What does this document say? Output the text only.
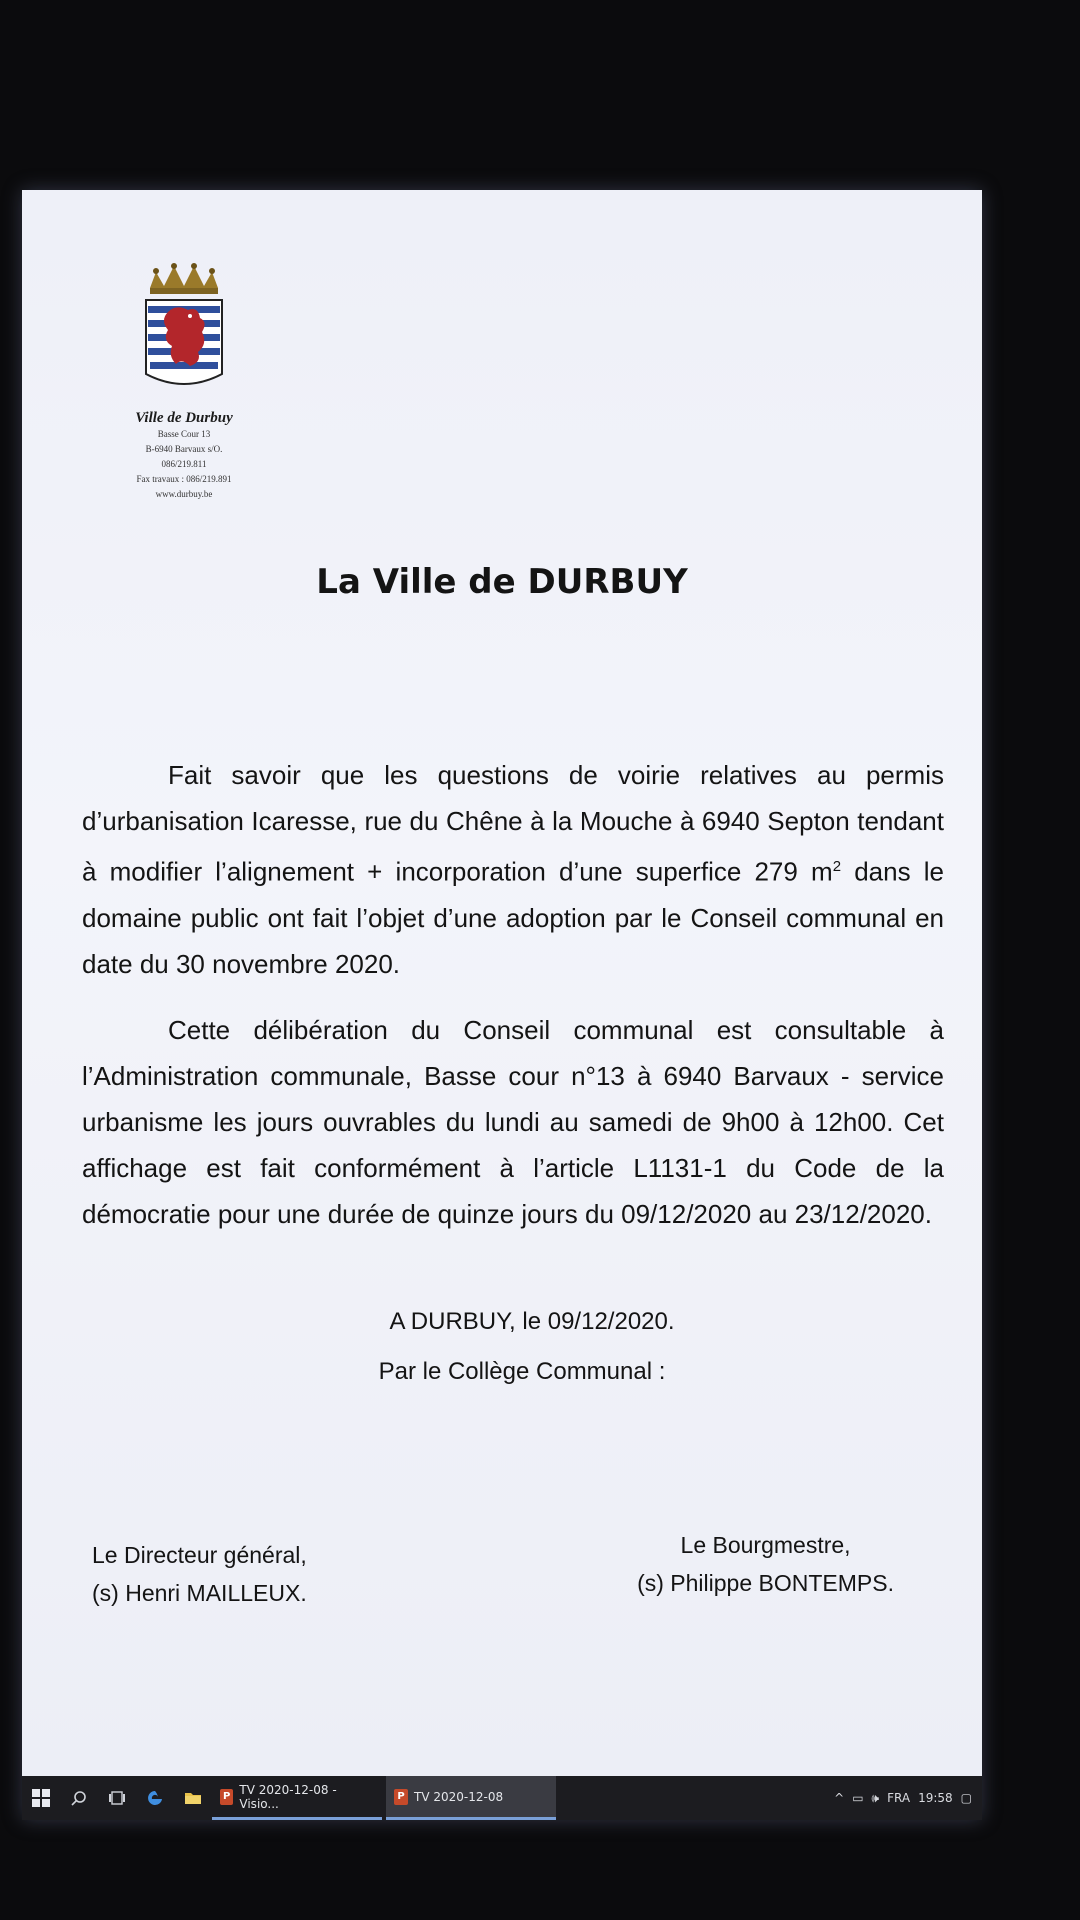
Ville de Durbuy
Basse Cour 13
B-6940 Barvaux s/O.
086/219.811
Fax travaux : 086/219.891
www.durbuy.be
La Ville de DURBUY

Fait savoir que les questions de voirie relatives au permis d’urbanisation Icaresse, rue du Chêne à la Mouche à 6940 Septon tendant à modifier l’alignement + incorporation d’une superfice 279 $m^2$ dans le domaine public ont fait l’objet d’une adoption par le Conseil communal en date du 30 novembre 2020.

Cette délibération du Conseil communal est consultable à l’Administration communale, Basse cour n°13 à 6940 Barvaux - service urbanisme les jours ouvrables du lundi au samedi de 9h00 à 12h00. Cet affichage est fait conformément à l’article L1131-1 du Code de la démocratie pour une durée de quinze jours du 09/12/2020 au 23/12/2020.

A DURBUY, le 09/12/2020.
Par le Collège Communal :
Le Directeur général,
(s) Henri MAILLEUX.
Le Bourgmestre,
(s) Philippe BONTEMPS.
P TV 2020-12-08 - Visio...	P TV 2020-12-08	^ ▭ 🕪 FRA 19:58 ▢
